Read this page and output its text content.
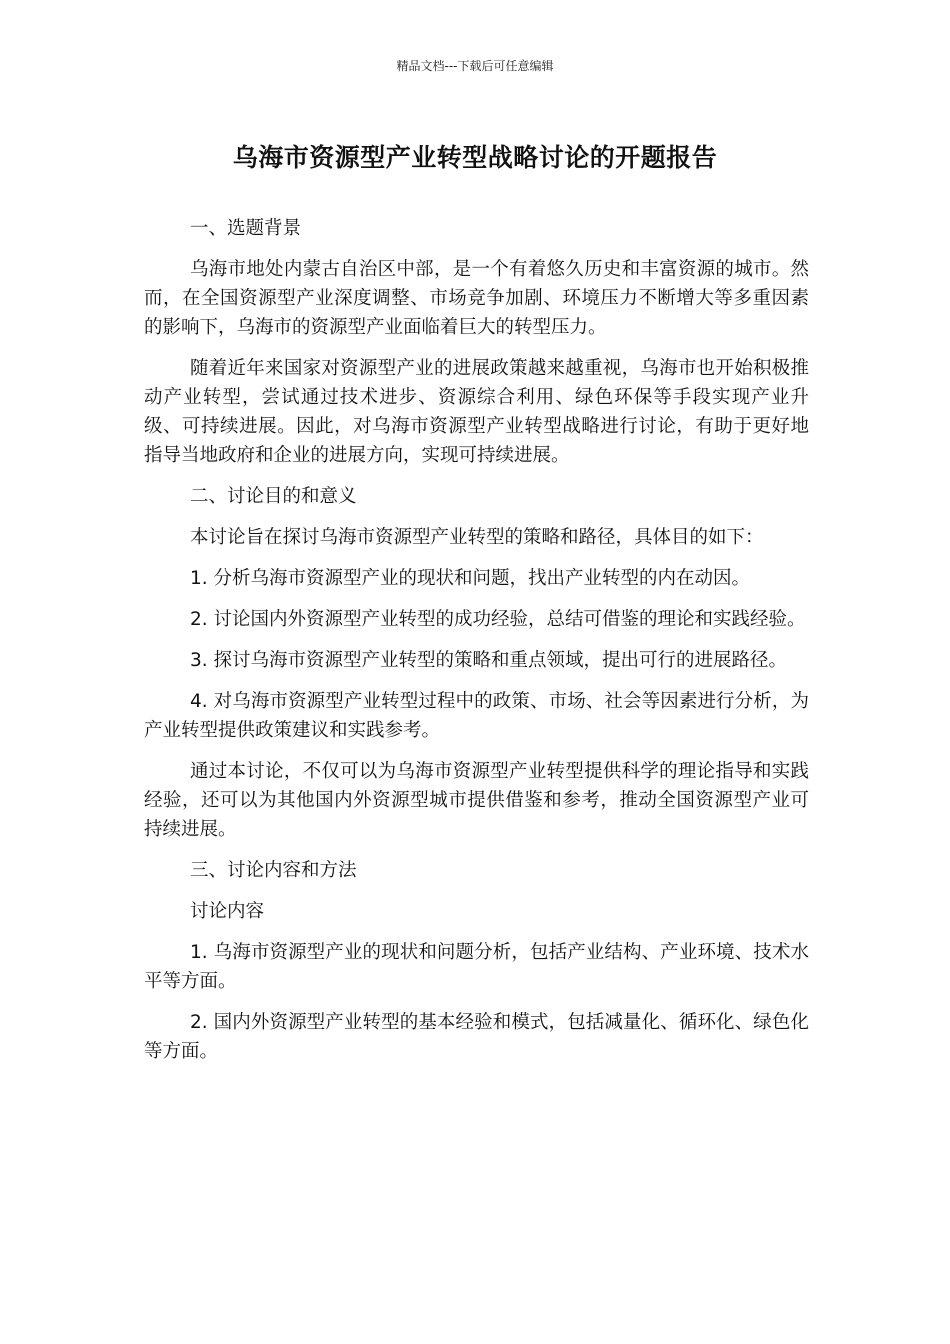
精品文档---下载后可任意编辑
乌海市资源型产业转型战略讨论的开题报告

一、选题背景

乌海市地处内蒙古自治区中部，是一个有着悠久历史和丰富资源的城市。然而，在全国资源型产业深度调整、市场竞争加剧、环境压力不断增大等多重因素的影响下，乌海市的资源型产业面临着巨大的转型压力。

随着近年来国家对资源型产业的进展政策越来越重视，乌海市也开始积极推动产业转型，尝试通过技术进步、资源综合利用、绿色环保等手段实现产业升级、可持续进展。因此，对乌海市资源型产业转型战略进行讨论，有助于更好地指导当地政府和企业的进展方向，实现可持续进展。

二、讨论目的和意义

本讨论旨在探讨乌海市资源型产业转型的策略和路径，具体目的如下：

1. 分析乌海市资源型产业的现状和问题，找出产业转型的内在动因。

2. 讨论国内外资源型产业转型的成功经验，总结可借鉴的理论和实践经验。

3. 探讨乌海市资源型产业转型的策略和重点领域，提出可行的进展路径。

4. 对乌海市资源型产业转型过程中的政策、市场、社会等因素进行分析，为产业转型提供政策建议和实践参考。

通过本讨论，不仅可以为乌海市资源型产业转型提供科学的理论指导和实践经验，还可以为其他国内外资源型城市提供借鉴和参考，推动全国资源型产业可持续进展。

三、讨论内容和方法

讨论内容

1. 乌海市资源型产业的现状和问题分析，包括产业结构、产业环境、技术水平等方面。

2. 国内外资源型产业转型的基本经验和模式，包括减量化、循环化、绿色化等方面。
